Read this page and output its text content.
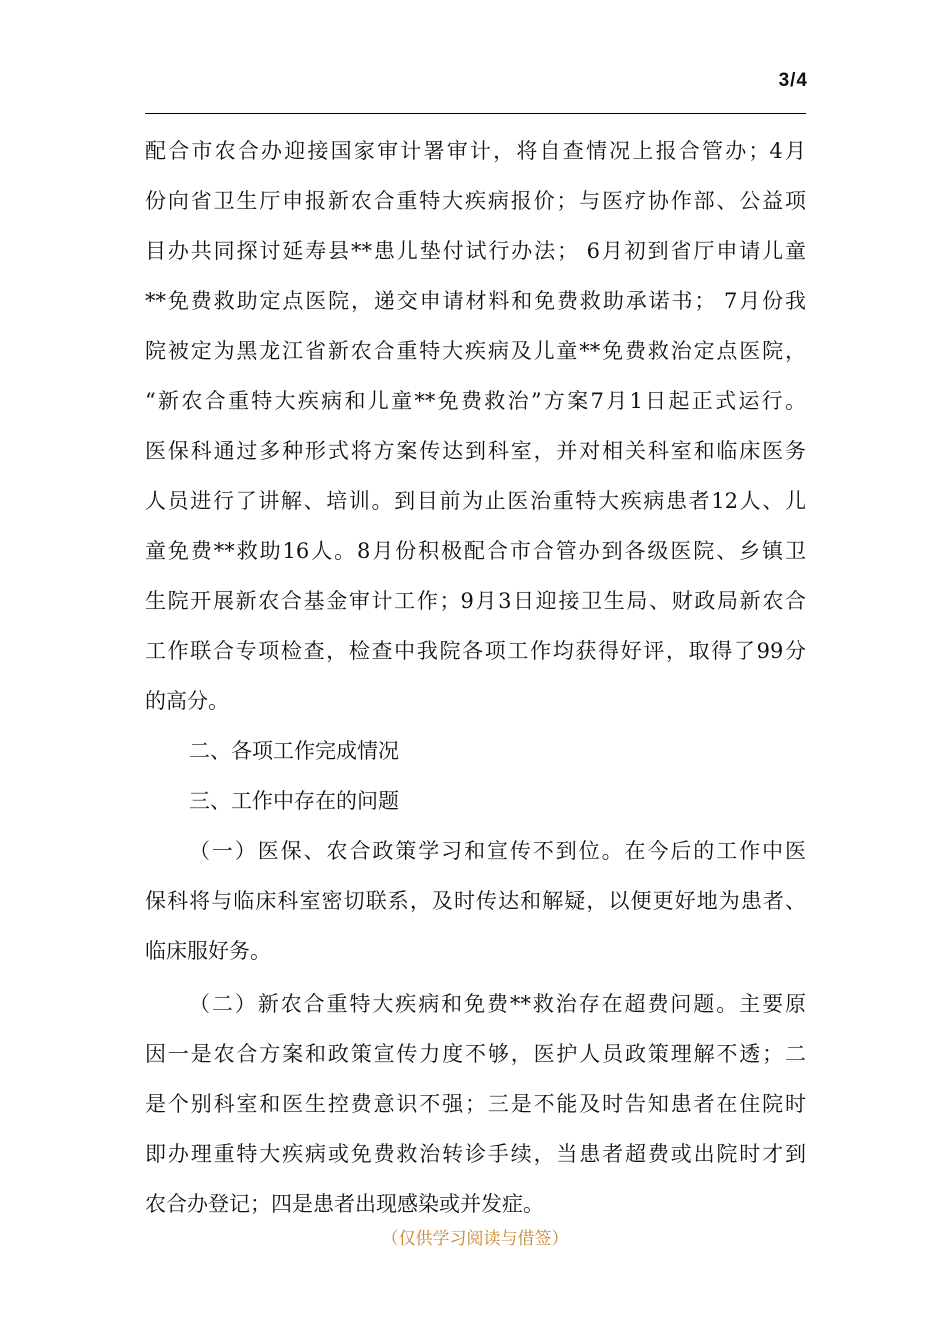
3/4
配合市农合办迎接国家审计署审计，将自查情况上报合管办；4月
份向省卫生厅申报新农合重特大疾病报价；与医疗协作部、公益项
目办共同探讨延寿县**患儿垫付试行办法； 6月初到省厅申请儿童
**免费救助定点医院，递交申请材料和免费救助承诺书； 7月份我
院被定为黑龙江省新农合重特大疾病及儿童**免费救治定点医院，
“新农合重特大疾病和儿童**免费救治”方案7月1日起正式运行。
医保科通过多种形式将方案传达到科室，并对相关科室和临床医务
人员进行了讲解、培训。到目前为止医治重特大疾病患者12人、儿
童免费**救助16人。8月份积极配合市合管办到各级医院、乡镇卫
生院开展新农合基金审计工作；9月3日迎接卫生局、财政局新农合
工作联合专项检查，检查中我院各项工作均获得好评，取得了99分
的高分。
二、各项工作完成情况
三、工作中存在的问题
（一）医保、农合政策学习和宣传不到位。在今后的工作中医
保科将与临床科室密切联系，及时传达和解疑，以便更好地为患者、
临床服好务。
（二）新农合重特大疾病和免费**救治存在超费问题。主要原
因一是农合方案和政策宣传力度不够，医护人员政策理解不透；二
是个别科室和医生控费意识不强；三是不能及时告知患者在住院时
即办理重特大疾病或免费救治转诊手续，当患者超费或出院时才到
农合办登记；四是患者出现感染或并发症。
（仅供学习阅读与借签）
